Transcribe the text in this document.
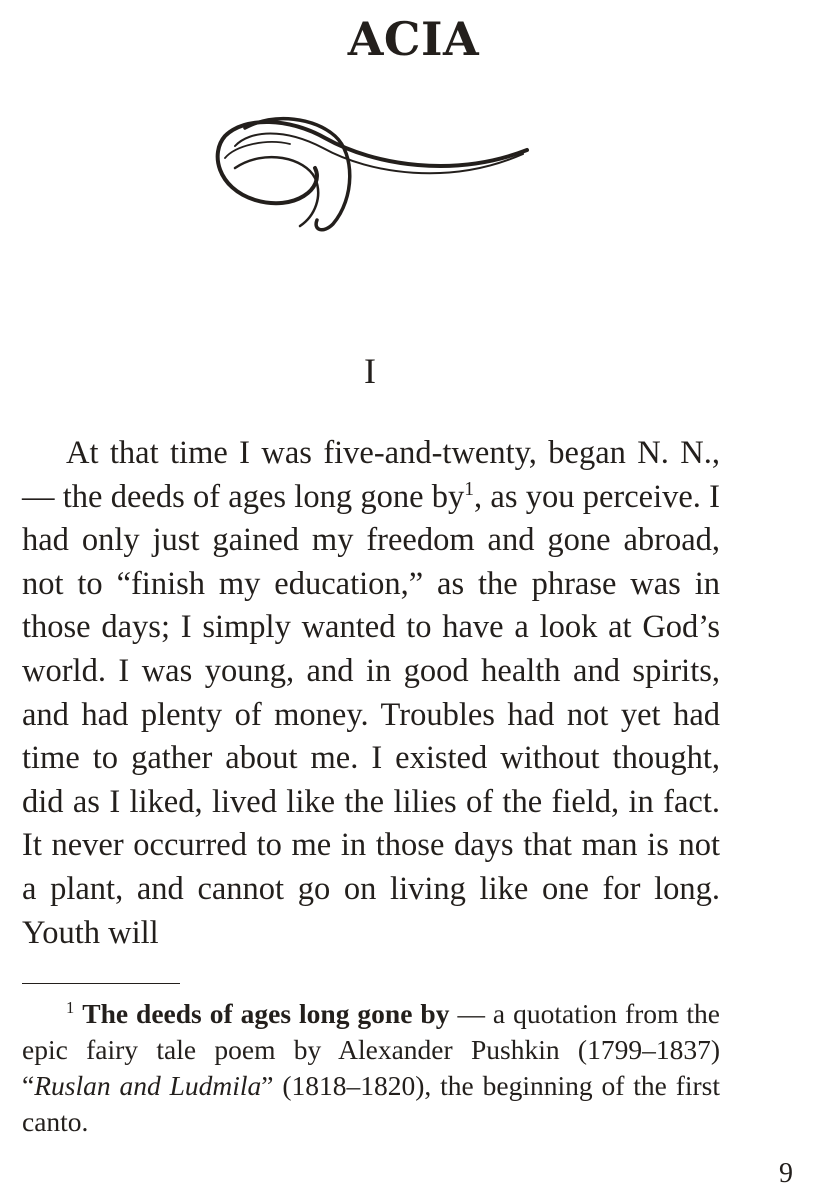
ACIA
I

At that time I was five-and-twenty, began N. N., — the deeds of ages long gone $by^1$, as you perceive. I had only just gained my freedom and gone abroad, not to “finish my education,” as the phrase was in those days; I simply wanted to have a look at God’s world. I was young, and in good health and spirits, and had plenty of money. Troubles had not yet had time to gather about me. I existed without thought, did as I liked, lived like the lilies of the field, in fact. It never occurred to me in those days that man is not a plant, and cannot go on living like one for long. Youth will

$^1$ The deeds of ages long gone by — a quotation from the epic fairy tale poem by Alexander Pushkin (1799–1837) “Ruslan and Ludmila” (1818–1820), the beginning of the first canto.

9
